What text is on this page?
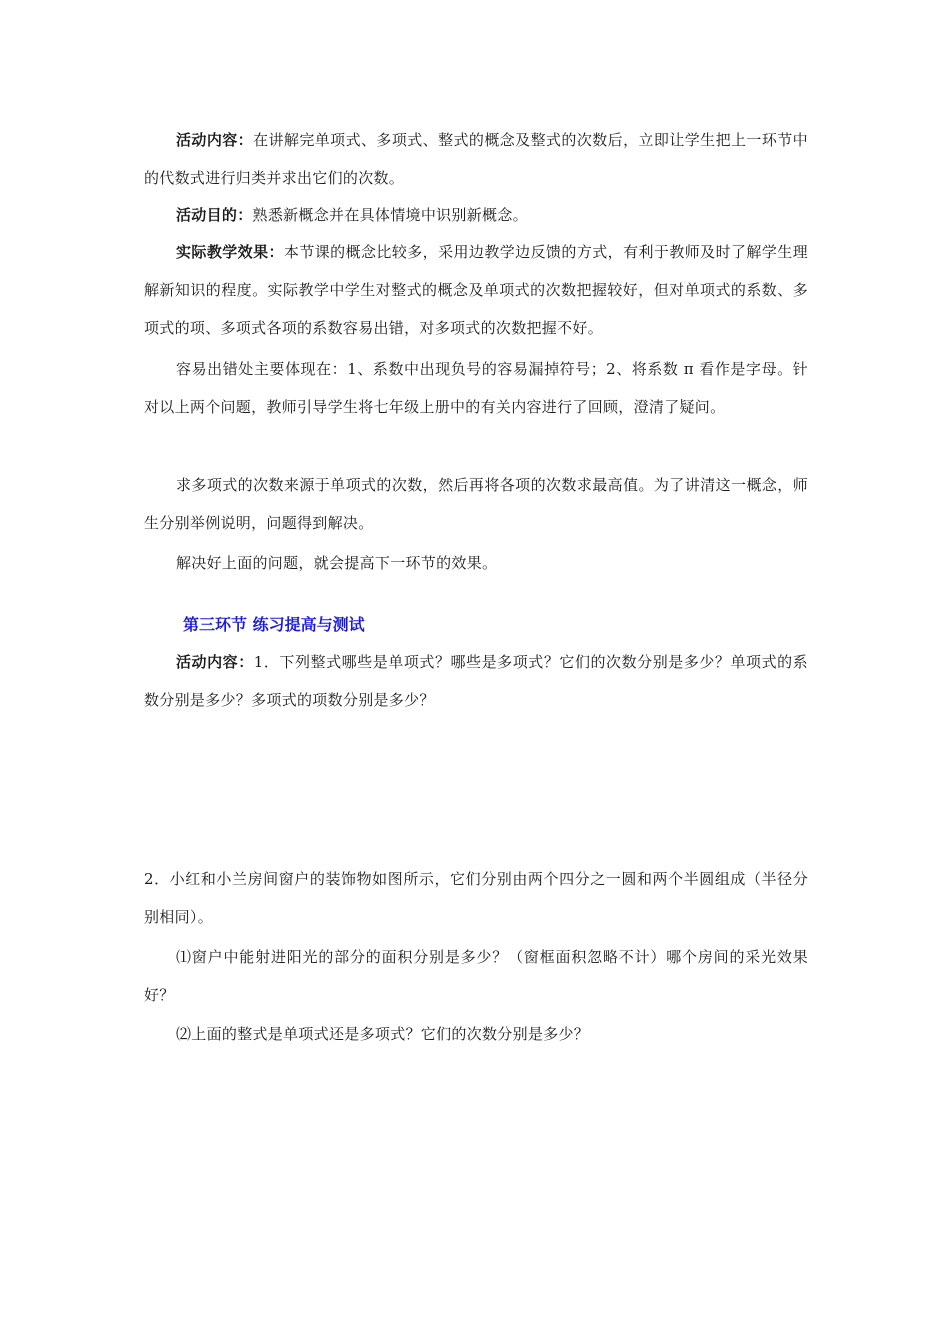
活动内容：在讲解完单项式、多项式、整式的概念及整式的次数后，立即让学生把上一环节中的代数式进行归类并求出它们的次数。

活动目的：熟悉新概念并在具体情境中识别新概念。

实际教学效果：本节课的概念比较多，采用边教学边反馈的方式，有利于教师及时了解学生理解新知识的程度。实际教学中学生对整式的概念及单项式的次数把握较好，但对单项式的系数、多项式的项、多项式各项的系数容易出错，对多项式的次数把握不好。

容易出错处主要体现在：1、系数中出现负号的容易漏掉符号；2、将系数 π 看作是字母。针对以上两个问题，教师引导学生将七年级上册中的有关内容进行了回顾，澄清了疑问。

求多项式的次数来源于单项式的次数，然后再将各项的次数求最高值。为了讲清这一概念，师生分别举例说明，问题得到解决。

解决好上面的问题，就会提高下一环节的效果。

第三环节 练习提高与测试

活动内容：1．下列整式哪些是单项式？哪些是多项式？它们的次数分别是多少？单项式的系数分别是多少？多项式的项数分别是多少？

2．小红和小兰房间窗户的装饰物如图所示，它们分别由两个四分之一圆和两个半圆组成（半径分别相同）。

⑴窗户中能射进阳光的部分的面积分别是多少？（窗框面积忽略不计）哪个房间的采光效果好？

⑵上面的整式是单项式还是多项式？它们的次数分别是多少？
